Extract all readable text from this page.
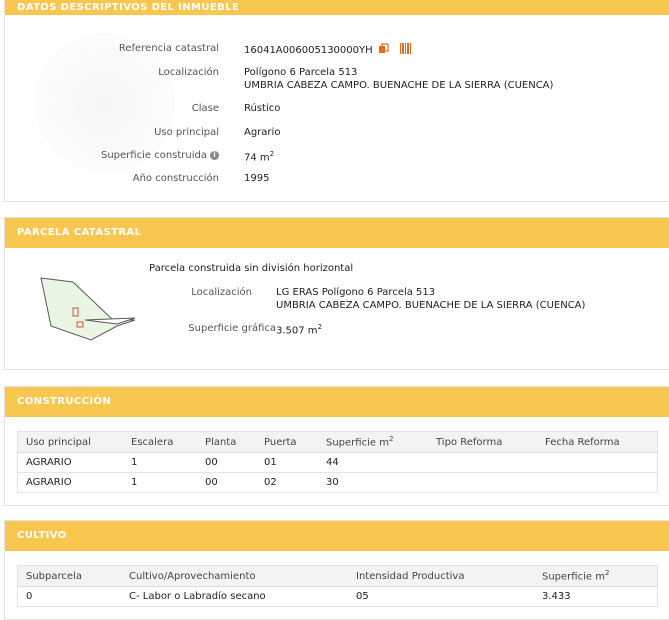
DATOS DESCRIPTIVOS DEL INMUEBLE
Referencia catastral	16041A006005130000YH
Localización	Polígono 6 Parcela 513
UMBRIA CABEZA CAMPO. BUENACHE DE LA SIERRA (CUENCA)
Clase	Rústico
Uso principal	Agrario
Superficie construida i	74 $m^2$
Año construcción	1995
PARCELA CATASTRAL
Parcela construida sin división horizontal
Localización LG ERAS Polígono 6 Parcela 513
UMBRIA CABEZA CAMPO. BUENACHE DE LA SIERRA (CUENCA)
Superficie gráfica 3.507 $m^2$
CONSTRUCCIÓN
Uso principal	Escalera	Planta	Puerta	Superficie $m^2$	Tipo Reforma	Fecha Reforma
AGRARIO	1	00	01	44		
AGRARIO	1	00	02	30		
CULTIVO
Subparcela	Cultivo/Aprovechamiento	Intensidad Productiva	Superficie $m^2$
0	C- Labor o Labradío secano	05	3.433
